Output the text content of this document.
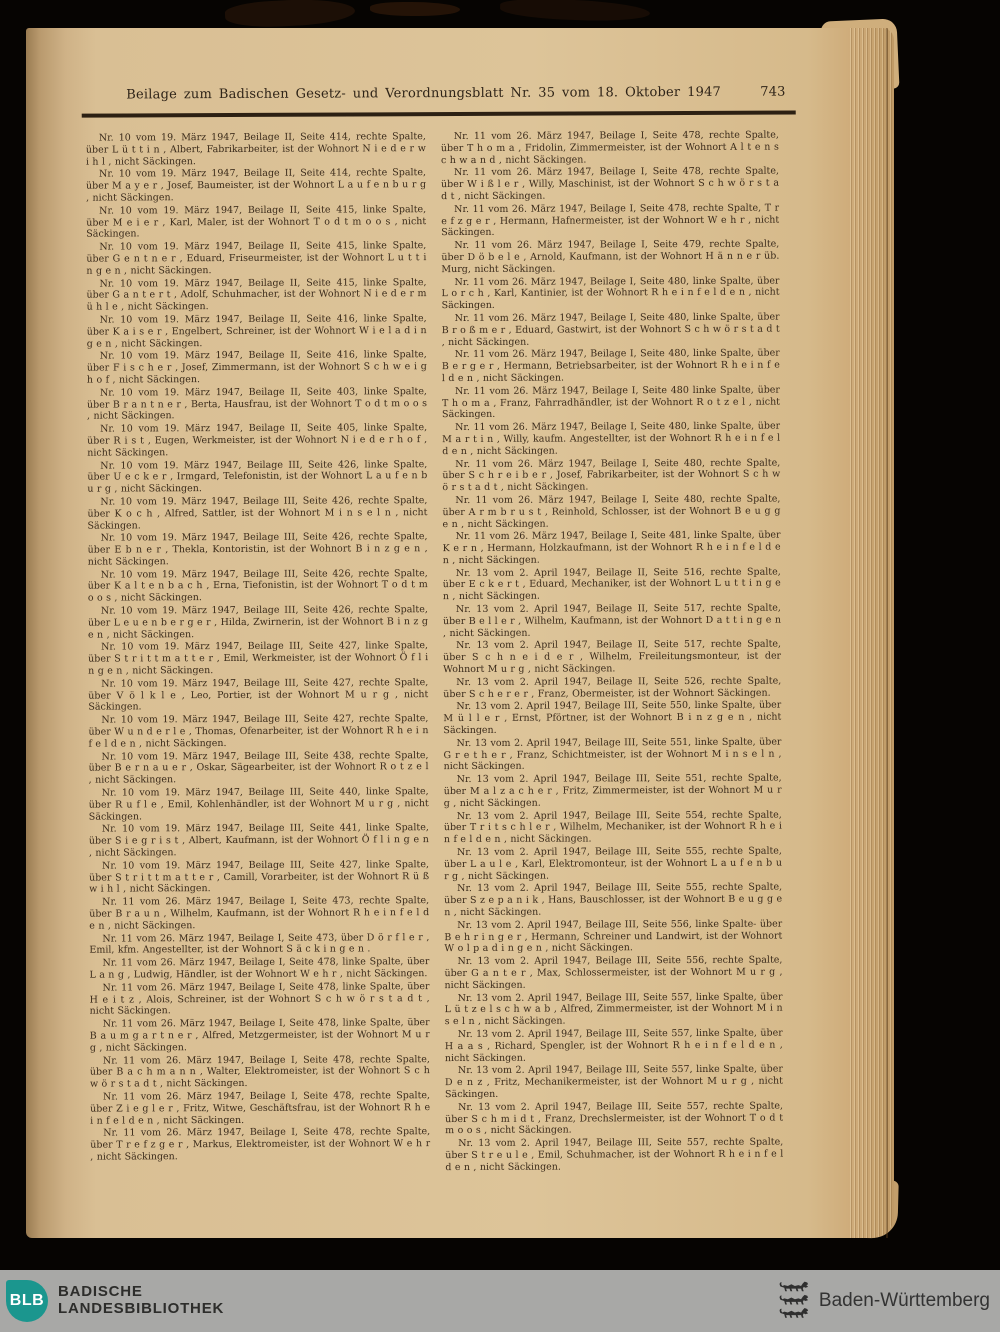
Beilage zum Badischen Gesetz- und Verordnungsblatt Nr. 35 vom 18. Oktober 1947	743

Nr. 10 vom 19. März 1947, Beilage II, Seite 414, rechte Spalte, über L ü t t i n , Albert, Fabrikarbeiter, ist der Wohnort N i e d e r w i h l , nicht Säckingen.

Nr. 10 vom 19. März 1947, Beilage II, Seite 414, rechte Spalte, über M a y e r , Josef, Baumeister, ist der Wohnort L a u f e n b u r g , nicht Säckingen.

Nr. 10 vom 19. März 1947, Beilage II, Seite 415, linke Spalte, über M e i e r , Karl, Maler, ist der Wohnort T o d t m o o s , nicht Säckingen.

Nr. 10 vom 19. März 1947, Beilage II, Seite 415, linke Spalte, über G e n t n e r , Eduard, Friseurmeister, ist der Wohnort L u t t i n g e n , nicht Säckingen.

Nr. 10 vom 19. März 1947, Beilage II, Seite 415, linke Spalte, über G a n t e r t , Adolf, Schuhmacher, ist der Wohnort N i e d e r m ü h l e , nicht Säckingen.

Nr. 10 vom 19. März 1947, Beilage II, Seite 416, linke Spalte, über K a i s e r , Engelbert, Schreiner, ist der Wohnort W i e l a d i n g e n , nicht Säckingen.

Nr. 10 vom 19. März 1947, Beilage II, Seite 416, linke Spalte, über F i s c h e r , Josef, Zimmermann, ist der Wohnort S c h w e i g h o f , nicht Säckingen.

Nr. 10 vom 19. März 1947, Beilage II, Seite 403, linke Spalte, über B r a n t n e r , Berta, Hausfrau, ist der Wohnort T o d t m o o s , nicht Säckingen.

Nr. 10 vom 19. März 1947, Beilage II, Seite 405, linke Spalte, über R i s t , Eugen, Werkmeister, ist der Wohnort N i e d e r h o f , nicht Säckingen.

Nr. 10 vom 19. März 1947, Beilage III, Seite 426, linke Spalte, über U e c k e r , Irmgard, Telefonistin, ist der Wohnort L a u f e n b u r g , nicht Säckingen.

Nr. 10 vom 19. März 1947, Beilage III, Seite 426, rechte Spalte, über K o c h , Alfred, Sattler, ist der Wohnort M i n s e l n , nicht Säckingen.

Nr. 10 vom 19. März 1947, Beilage III, Seite 426, rechte Spalte, über E b n e r , Thekla, Kontoristin, ist der Wohnort B i n z g e n , nicht Säckingen.

Nr. 10 vom 19. März 1947, Beilage III, Seite 426, rechte Spalte, über K a l t e n b a c h , Erna, Tiefonistin, ist der Wohnort T o d t m o o s , nicht Säckingen.

Nr. 10 vom 19. März 1947, Beilage III, Seite 426, rechte Spalte, über L e u e n b e r g e r , Hilda, Zwirnerin, ist der Wohnort B i n z g e n , nicht Säckingen.

Nr. 10 vom 19. März 1947, Beilage III, Seite 427, linke Spalte, über S t r i t t m a t t e r , Emil, Werkmeister, ist der Wohnort Ö f l i n g e n , nicht Säckingen.

Nr. 10 vom 19. März 1947, Beilage III, Seite 427, rechte Spalte, über V ö l k l e , Leo, Portier, ist der Wohnort M u r g , nicht Säckingen.

Nr. 10 vom 19. März 1947, Beilage III, Seite 427, rechte Spalte, über W u n d e r l e , Thomas, Ofenarbeiter, ist der Wohnort R h e i n f e l d e n , nicht Säckingen.

Nr. 10 vom 19. März 1947, Beilage III, Seite 438, rechte Spalte, über B e r n a u e r , Oskar, Sägearbeiter, ist der Wohnort R o t z e l , nicht Säckingen.

Nr. 10 vom 19. März 1947, Beilage III, Seite 440, linke Spalte, über R u f l e , Emil, Kohlenhändler, ist der Wohnort M u r g , nicht Säckingen.

Nr. 10 vom 19. März 1947, Beilage III, Seite 441, linke Spalte, über S i e g r i s t , Albert, Kaufmann, ist der Wohnort Ö f l i n g e n , nicht Säckingen.

Nr. 10 vom 19. März 1947, Beilage III, Seite 427, linke Spalte, über S t r i t t m a t t e r , Camill, Vorarbeiter, ist der Wohnort R ü ß w i h l , nicht Säckingen.

Nr. 11 vom 26. März 1947, Beilage I, Seite 473, rechte Spalte, über B r a u n , Wilhelm, Kaufmann, ist der Wohnort R h e i n f e l d e n , nicht Säckingen.

Nr. 11 vom 26. März 1947, Beilage I, Seite 473, über D ö r f l e r , Emil, kfm. Angestellter, ist der Wohnort S ä c k i n g e n .

Nr. 11 vom 26. März 1947, Beilage I, Seite 478, linke Spalte, über L a n g , Ludwig, Händler, ist der Wohnort W e h r , nicht Säckingen.

Nr. 11 vom 26. März 1947, Beilage I, Seite 478, linke Spalte, über H e i t z , Alois, Schreiner, ist der Wohnort S c h w ö r s t a d t , nicht Säckingen.

Nr. 11 vom 26. März 1947, Beilage I, Seite 478, linke Spalte, über B a u m g a r t n e r , Alfred, Metzgermeister, ist der Wohnort M u r g , nicht Säckingen.

Nr. 11 vom 26. März 1947, Beilage I, Seite 478, rechte Spalte, über B a c h m a n n , Walter, Elektromeister, ist der Wohnort S c h w ö r s t a d t , nicht Säckingen.

Nr. 11 vom 26. März 1947, Beilage I, Seite 478, rechte Spalte, über Z i e g l e r , Fritz, Witwe, Geschäftsfrau, ist der Wohnort R h e i n f e l d e n , nicht Säckingen.

Nr. 11 vom 26. März 1947, Beilage I, Seite 478, rechte Spalte, über T r e f z g e r , Markus, Elektromeister, ist der Wohnort W e h r , nicht Säckingen.

Nr. 11 vom 26. März 1947, Beilage I, Seite 478, rechte Spalte, über T h o m a , Fridolin, Zimmermeister, ist der Wohnort A l t e n s c h w a n d , nicht Säckingen.

Nr. 11 vom 26. März 1947, Beilage I, Seite 478, rechte Spalte, über W i ß l e r , Willy, Maschinist, ist der Wohnort S c h w ö r s t a d t , nicht Säckingen.

Nr. 11 vom 26. März 1947, Beilage I, Seite 478, rechte Spalte, T r e f z g e r , Hermann, Hafnermeister, ist der Wohnort W e h r , nicht Säckingen.

Nr. 11 vom 26. März 1947, Beilage I, Seite 479, rechte Spalte, über D ö b e l e , Arnold, Kaufmann, ist der Wohnort H ä n n e r üb. Murg, nicht Säckingen.

Nr. 11 vom 26. März 1947, Beilage I, Seite 480, linke Spalte, über L o r c h , Karl, Kantinier, ist der Wohnort R h e i n f e l d e n , nicht Säckingen.

Nr. 11 vom 26. März 1947, Beilage I, Seite 480, linke Spalte, über B r o ß m e r , Eduard, Gastwirt, ist der Wohnort S c h w ö r s t a d t , nicht Säckingen.

Nr. 11 vom 26. März 1947, Beilage I, Seite 480, linke Spalte, über B e r g e r , Hermann, Betriebsarbeiter, ist der Wohnort R h e i n f e l d e n , nicht Säckingen.

Nr. 11 vom 26. März 1947, Beilage I, Seite 480 linke Spalte, über T h o m a , Franz, Fahrradhändler, ist der Wohnort R o t z e l , nicht Säckingen.

Nr. 11 vom 26. März 1947, Beilage I, Seite 480, linke Spalte, über M a r t i n , Willy, kaufm. Angestellter, ist der Wohnort R h e i n f e l d e n , nicht Säckingen.

Nr. 11 vom 26. März 1947, Beilage I, Seite 480, rechte Spalte, über S c h r e i b e r , Josef, Fabrikarbeiter, ist der Wohnort S c h w ö r s t a d t , nicht Säckingen.

Nr. 11 vom 26. März 1947, Beilage I, Seite 480, rechte Spalte, über A r m b r u s t , Reinhold, Schlosser, ist der Wohnort B e u g g e n , nicht Säckingen.

Nr. 11 vom 26. März 1947, Beilage I, Seite 481, linke Spalte, über K e r n , Hermann, Holzkaufmann, ist der Wohnort R h e i n f e l d e n , nicht Säckingen.

Nr. 13 vom 2. April 1947, Beilage II, Seite 516, rechte Spalte, über E c k e r t , Eduard, Mechaniker, ist der Wohnort L u t t i n g e n , nicht Säckingen.

Nr. 13 vom 2. April 1947, Beilage II, Seite 517, rechte Spalte, über B e l l e r , Wilhelm, Kaufmann, ist der Wohnort D a t t i n g e n , nicht Säckingen.

Nr. 13 vom 2. April 1947, Beilage II, Seite 517, rechte Spalte, über S c h n e i d e r , Wilhelm, Freileitungsmonteur, ist der Wohnort M u r g , nicht Säckingen.

Nr. 13 vom 2. April 1947, Beilage II, Seite 526, rechte Spalte, über S c h e r e r , Franz, Obermeister, ist der Wohnort Säckingen.

Nr. 13 vom 2. April 1947, Beilage III, Seite 550, linke Spalte, über M ü l l e r , Ernst, Pförtner, ist der Wohnort B i n z g e n , nicht Säckingen.

Nr. 13 vom 2. April 1947, Beilage III, Seite 551, linke Spalte, über G r e t h e r , Franz, Schichtmeister, ist der Wohnort M i n s e l n , nicht Säckingen.

Nr. 13 vom 2. April 1947, Beilage III, Seite 551, rechte Spalte, über M a l z a c h e r , Fritz, Zimmermeister, ist der Wohnort M u r g , nicht Säckingen.

Nr. 13 vom 2. April 1947, Beilage III, Seite 554, rechte Spalte, über T r i t s c h l e r , Wilhelm, Mechaniker, ist der Wohnort R h e i n f e l d e n , nicht Säckingen.

Nr. 13 vom 2. April 1947, Beilage III, Seite 555, rechte Spalte, über L a u l e , Karl, Elektromonteur, ist der Wohnort L a u f e n b u r g , nicht Säckingen.

Nr. 13 vom 2. April 1947, Beilage III, Seite 555, rechte Spalte, über S z e p a n i k , Hans, Bauschlosser, ist der Wohnort B e u g g e n , nicht Säckingen.

Nr. 13 vom 2. April 1947, Beilage III, Seite 556, linke Spalte- über B e h r i n g e r , Hermann, Schreiner und Landwirt, ist der Wohnort W o l p a d i n g e n , nicht Säckingen.

Nr. 13 vom 2. April 1947, Beilage III, Seite 556, rechte Spalte, über G a n t e r , Max, Schlossermeister, ist der Wohnort M u r g , nicht Säckingen.

Nr. 13 vom 2. April 1947, Beilage III, Seite 557, linke Spalte, über L ü t z e l s c h w a b , Alfred, Zimmermeister, ist der Wohnort M i n s e l n , nicht Säckingen.

Nr. 13 vom 2. April 1947, Beilage III, Seite 557, linke Spalte, über H a a s , Richard, Spengler, ist der Wohnort R h e i n f e l d e n , nicht Säckingen.

Nr. 13 vom 2. April 1947, Beilage III, Seite 557, linke Spalte, über D e n z , Fritz, Mechanikermeister, ist der Wohnort M u r g , nicht Säckingen.

Nr. 13 vom 2. April 1947, Beilage III, Seite 557, rechte Spalte, über S c h m i d t , Franz, Drechslermeister, ist der Wohnort T o d t m o o s , nicht Säckingen.

Nr. 13 vom 2. April 1947, Beilage III, Seite 557, rechte Spalte, über S t r e u l e , Emil, Schuhmacher, ist der Wohnort R h e i n f e l d e n , nicht Säckingen.

BLB
BADISCHE
LANDESBIBLIOTHEK	Baden-Württemberg
